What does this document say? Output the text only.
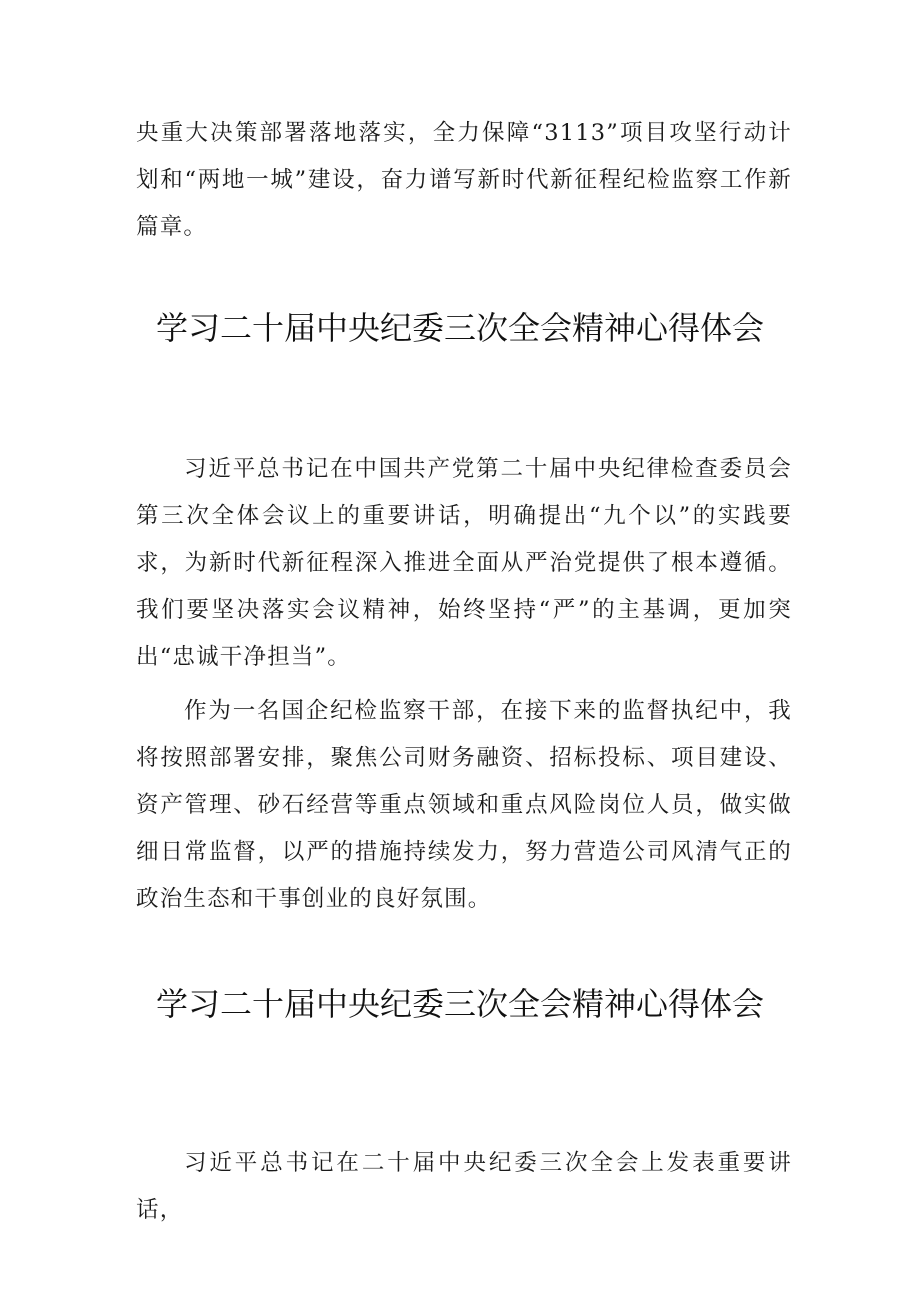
央重大决策部署落地落实，全力保障“3113”项目攻坚行动计划和“两地一城”建设，奋力谱写新时代新征程纪检监察工作新篇章。

学习二十届中央纪委三次全会精神心得体会

习近平总书记在中国共产党第二十届中央纪律检查委员会第三次全体会议上的重要讲话，明确提出“九个以”的实践要求，为新时代新征程深入推进全面从严治党提供了根本遵循。我们要坚决落实会议精神，始终坚持“严”的主基调，更加突出“忠诚干净担当”。

作为一名国企纪检监察干部，在接下来的监督执纪中，我将按照部署安排，聚焦公司财务融资、招标投标、项目建设、资产管理、砂石经营等重点领域和重点风险岗位人员，做实做细日常监督，以严的措施持续发力，努力营造公司风清气正的政治生态和干事创业的良好氛围。

学习二十届中央纪委三次全会精神心得体会

习近平总书记在二十届中央纪委三次全会上发表重要讲话，
